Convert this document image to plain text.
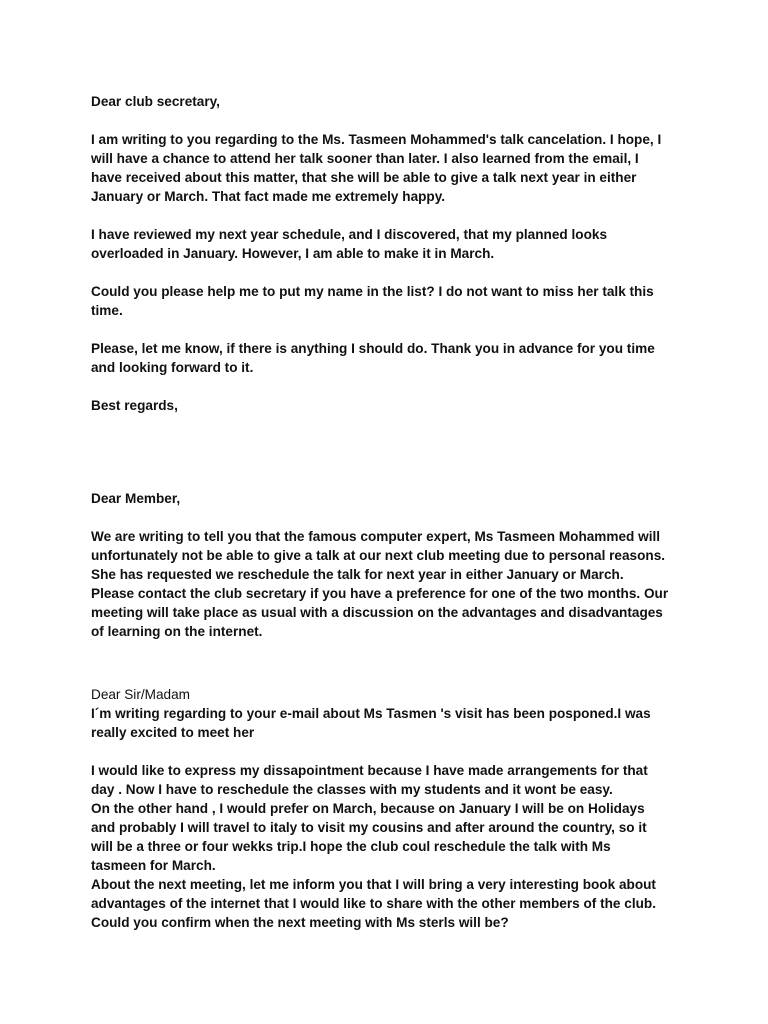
Dear club secretary,

I am writing to you regarding to the Ms. Tasmeen Mohammed's talk cancelation. I hope, I

will have a chance to attend her talk sooner than later. I also learned from the email, I

have received about this matter, that she will be able to give a talk next year in either

January or March. That fact made me extremely happy.

I have reviewed my next year schedule, and I discovered, that my planned looks

overloaded in January. However, I am able to make it in March.

Could you please help me to put my name in the list? I do not want to miss her talk this

time.

Please, let me know, if there is anything I should do. Thank you in advance for you time

and looking forward to it.

Best regards,

Dear Member,

We are writing to tell you that the famous computer expert, Ms Tasmeen Mohammed will

unfortunately not be able to give a talk at our next club meeting due to personal reasons.

She has requested we reschedule the talk for next year in either January or March.

Please contact the club secretary if you have a preference for one of the two months. Our

meeting will take place as usual with a discussion on the advantages and disadvantages

of learning on the internet.

Dear Sir/Madam

I´m writing regarding to your e-mail about Ms Tasmen 's visit has been posponed.I was

really excited to meet her

I would like to express my dissapointment because I have made arrangements for that

day . Now I have to reschedule the classes with my students and it wont be easy.

On the other hand , I would prefer on March, because on January I will be on Holidays

and probably I will travel to italy to visit my cousins and after around the country, so it

will be a three or four wekks trip.I hope the club coul reschedule the talk with Ms

tasmeen for March.

About the next meeting, let me inform you that I will bring a very interesting book about

advantages of the internet that I would like to share with the other members of the club.

Could you confirm when the next meeting with Ms sterls will be?
